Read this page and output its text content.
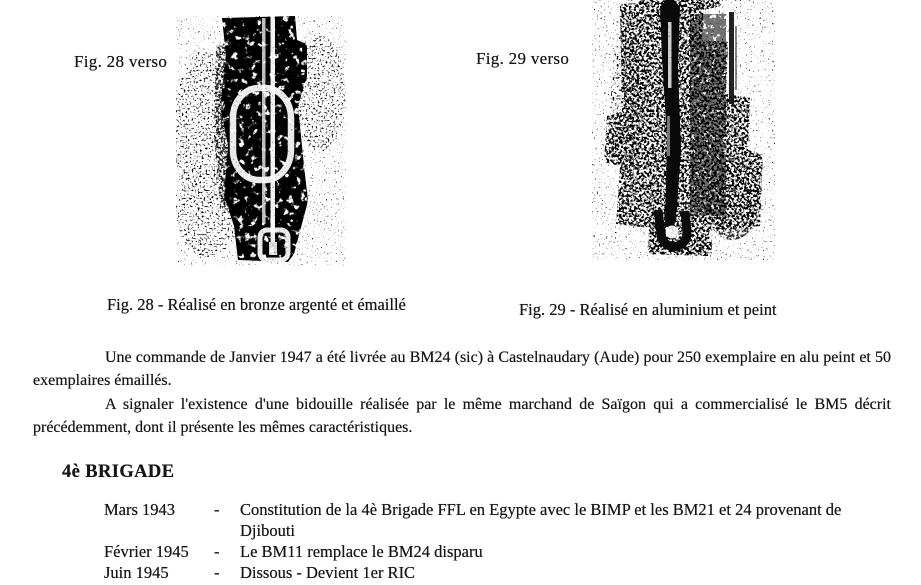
Fig. 28 verso	Fig. 29 verso
Fig. 28 - Réalisé en bronze argenté et émaillé	Fig. 29 - Réalisé en aluminium et peint

Une commande de Janvier 1947 a été livrée au BM24 (sic) à Castelnaudary (Aude) pour 250 exemplaire en alu peint et 50 exemplaires émaillés.

A signaler l'existence d'une bidouille réalisée par le même marchand de Saïgon qui a commercialisé le BM5 décrit précédemment, dont il présente les mêmes caractéristiques.

4è BRIGADE
Mars 1943	-	Constitution de la 4è Brigade FFL en Egypte avec le BIMP et les BM21 et 24 provenant de Djibouti
Février 1945	-	Le BM11 remplace le BM24 disparu
Juin 1945	-	Dissous - Devient 1er RIC
